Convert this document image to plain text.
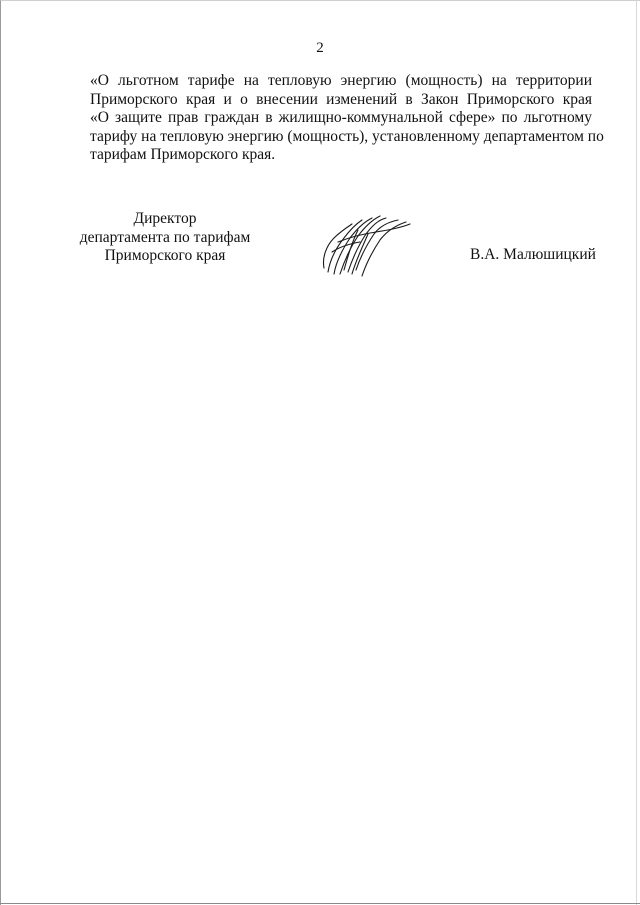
2
«О льготном тарифе на тепловую энергию (мощность) на территории
Приморского края и о внесении изменений в Закон Приморского края
«О защите прав граждан в жилищно-коммунальной сфере» по льготному
тарифу на тепловую энергию (мощность), установленному департаментом по
тарифам Приморского края.
Директор
департамента по тарифам
Приморского края	В.А. Малюшицкий
